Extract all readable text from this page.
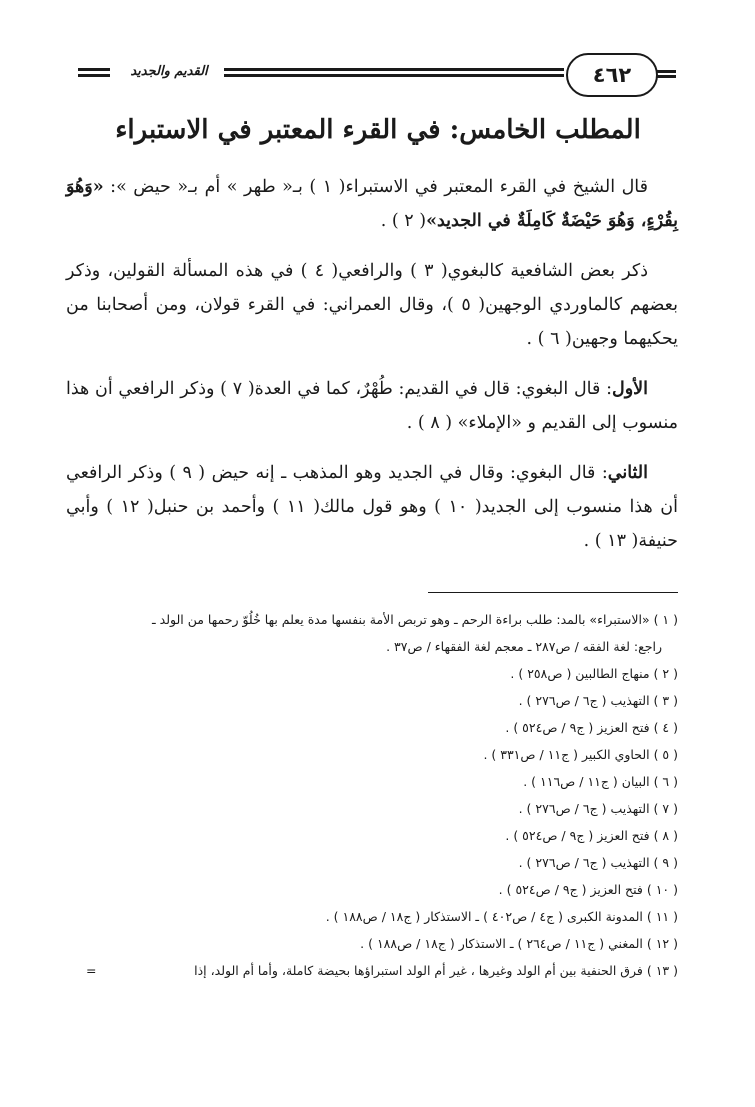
القديم والجديد	٤٦٢
المطلب الخامس: في القرء المعتبر في الاستبراء

قال الشيخ في القرء المعتبر في الاستبراء( ١ ) بـ« طهر » أم بـ« حيض »: «وَهُوَ بِقُرْءٍ، وَهُوَ حَيْضَةٌ كَامِلَةٌ في الجديد»( ٢ ) .

ذكر بعض الشافعية كالبغوي( ٣ ) والرافعي( ٤ ) في هذه المسألة القولين، وذكر بعضهم كالماوردي الوجهين( ٥ )، وقال العمراني: في القرء قولان، ومن أصحابنا من يحكيهما وجهين( ٦ ) .

الأول: قال البغوي: قال في القديم: طُهْرٌ، كما في العدة( ٧ ) وذكر الرافعي أن هذا منسوب إلى القديم و «الإملاء» ( ٨ ) .

الثاني: قال البغوي: وقال في الجديد وهو المذهب ـ إنه حيض ( ٩ ) وذكر الرافعي أن هذا منسوب إلى الجديد( ١٠ ) وهو قول مالك( ١١ ) وأحمد بن حنبل( ١٢ ) وأبي حنيفة( ١٣ ) .

( ١ ) «الاستبراء» بالمد: طلب براءة الرحم ـ وهو تربص الأمة بنفسها مدة يعلم بها خُلُوّ رحمها من الولد ـ
راجع: لغة الفقه / ص٢٨٧ ـ معجم لغة الفقهاء / ص٣٧ .
( ٢ ) منهاج الطالبين ( ص٢٥٨ ) .
( ٣ ) التهذيب ( ج٦ / ص٢٧٦ ) .
( ٤ ) فتح العزيز ( ج٩ / ص٥٢٤ ) .
( ٥ ) الحاوي الكبير ( ج١١ / ص٣٣١ ) .
( ٦ ) البيان ( ج١١ / ص١١٦ ) .
( ٧ ) التهذيب ( ج٦ / ص٢٧٦ ) .
( ٨ ) فتح العزيز ( ج٩ / ص٥٢٤ ) .
( ٩ ) التهذيب ( ج٦ / ص٢٧٦ ) .
( ١٠ ) فتح العزيز ( ج٩ / ص٥٢٤ ) .
( ١١ ) المدونة الكبرى ( ج٤ / ص٤٠٢ ) ـ الاستذكار ( ج١٨ / ص١٨٨ ) .
( ١٢ ) المغني ( ج١١ / ص٢٦٤ ) ـ الاستذكار ( ج١٨ / ص١٨٨ ) .
( ١٣ ) فرق الحنفية بين أم الولد وغيرها ، غير أم الولد استبراؤها بحيضة كاملة، وأما أم الولد، إذا
=
